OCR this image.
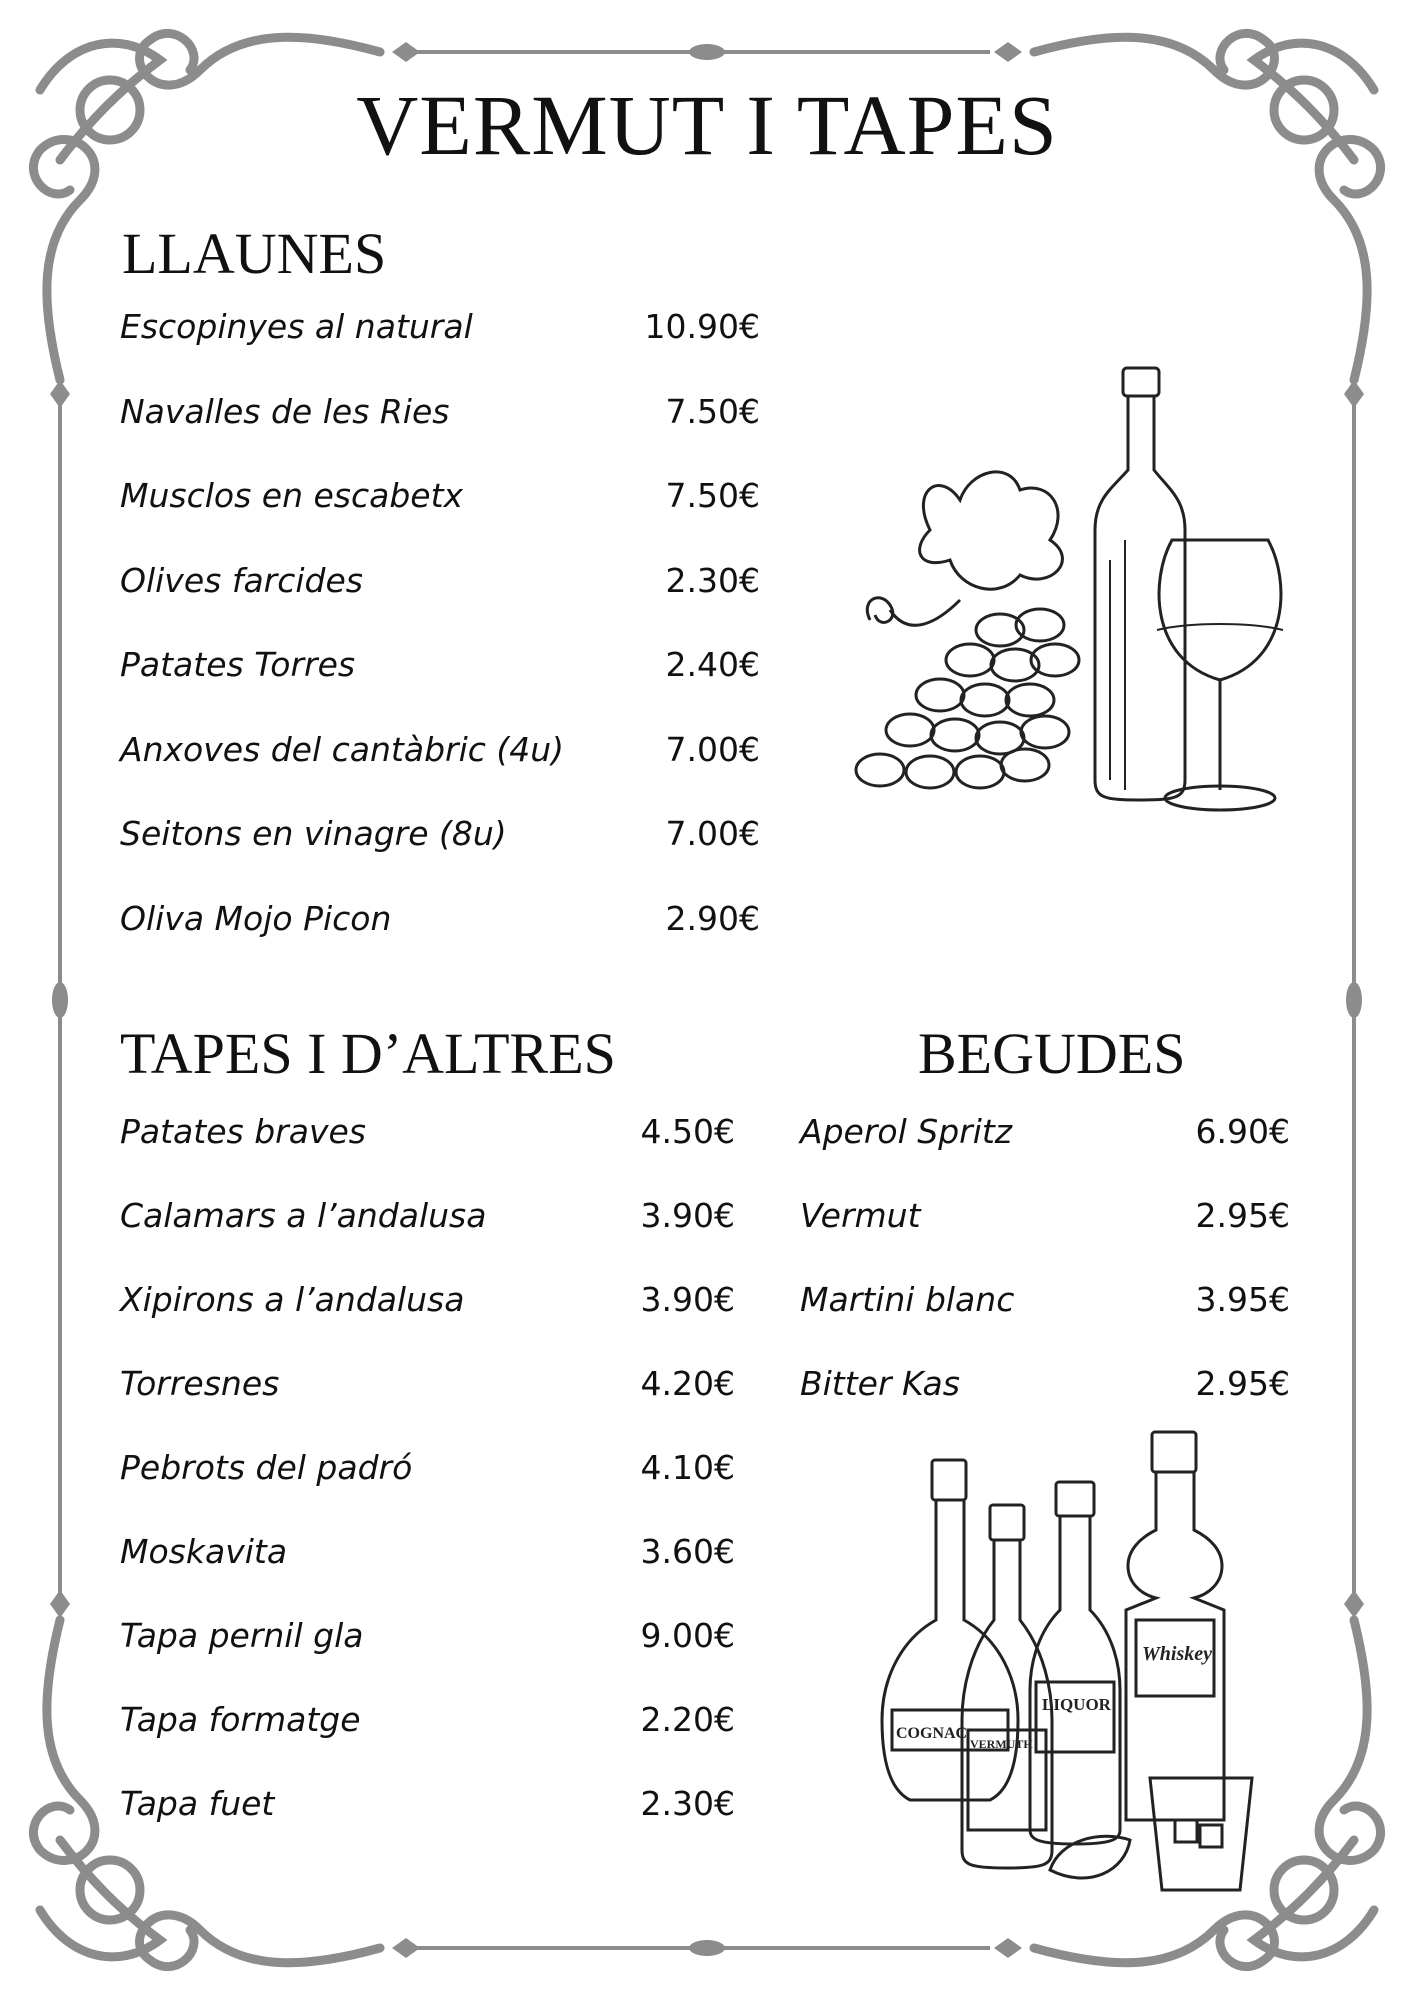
VERMUT I TAPES
LLAUNES
Escopinyes al natural	10.90€
Navalles de les Ries	7.50€
Musclos en escabetx	7.50€
Olives farcides	2.30€
Patates Torres	2.40€
Anxoves del cantàbric (4u)	7.00€
Seitons en vinagre (8u)	7.00€
Oliva Mojo Picon	2.90€
TAPES I D’ALTRES
Patates braves	4.50€
Calamars a l’andalusa	3.90€
Xipirons a l’andalusa	3.90€
Torresnes	4.20€
Pebrots del padró	4.10€
Moskavita	3.60€
Tapa pernil gla	9.00€
Tapa formatge	2.20€
Tapa fuet	2.30€
BEGUDES
Aperol Spritz	6.90€
Vermut	2.95€
Martini blanc	3.95€
Bitter Kas	2.95€
COGNAC
LIQUOR
Whiskey
VERMUTH
